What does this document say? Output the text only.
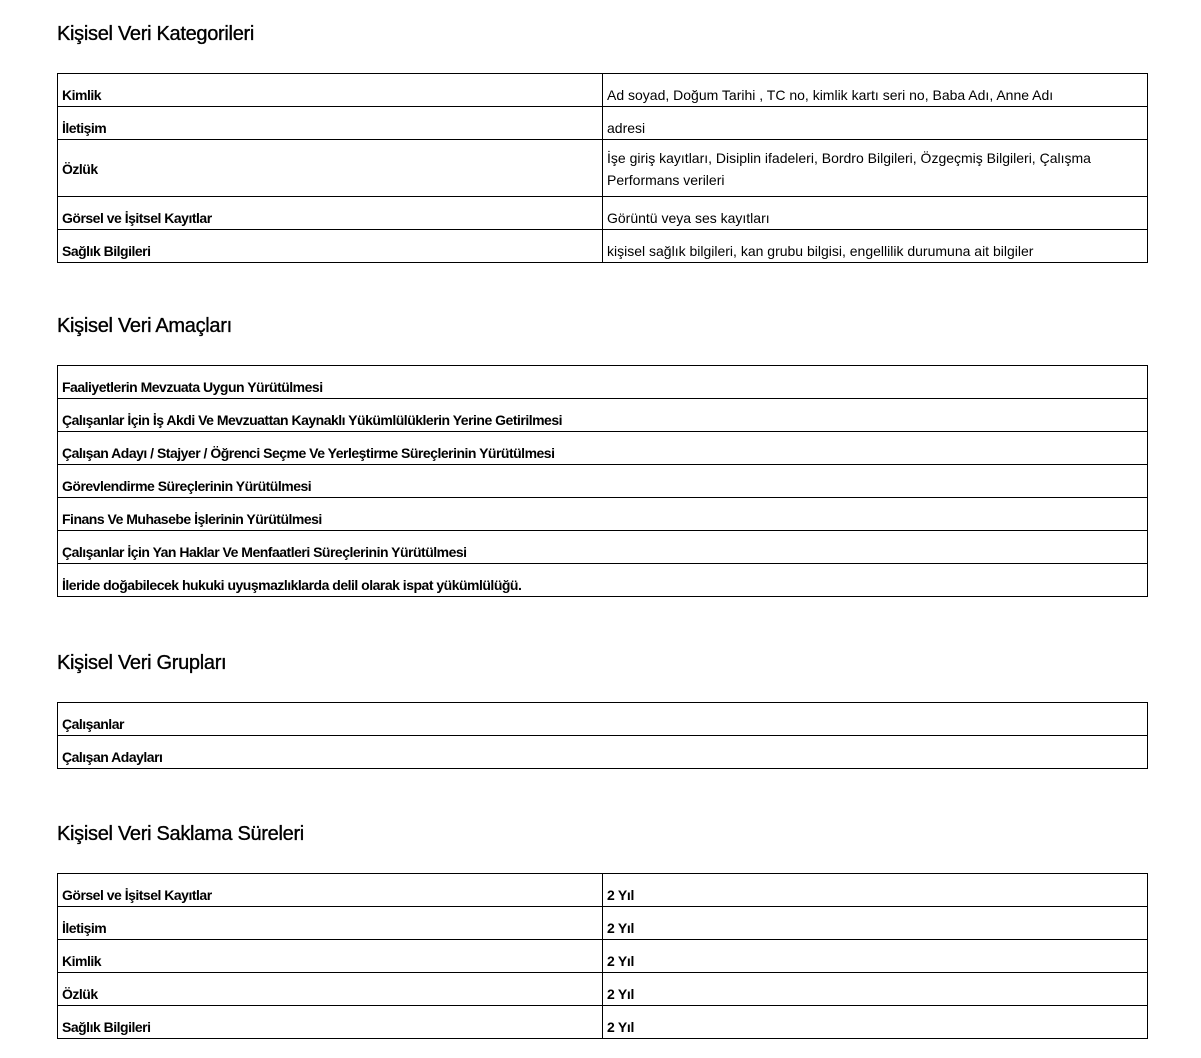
Kişisel Veri Kategorileri
Kimlik	Ad soyad, Doğum Tarihi , TC no, kimlik kartı seri no, Baba Adı, Anne Adı
İletişim	adresi
Özlük	İşe giriş kayıtları, Disiplin ifadeleri, Bordro Bilgileri, Özgeçmiş Bilgileri, Çalışma Performans verileri
Görsel ve İşitsel Kayıtlar	Görüntü veya ses kayıtları
Sağlık Bilgileri	kişisel sağlık bilgileri, kan grubu bilgisi, engellilik durumuna ait bilgiler
Kişisel Veri Amaçları
Faaliyetlerin Mevzuata Uygun Yürütülmesi
Çalışanlar İçin İş Akdi Ve Mevzuattan Kaynaklı Yükümlülüklerin Yerine Getirilmesi
Çalışan Adayı / Stajyer / Öğrenci Seçme Ve Yerleştirme Süreçlerinin Yürütülmesi
Görevlendirme Süreçlerinin Yürütülmesi
Finans Ve Muhasebe İşlerinin Yürütülmesi
Çalışanlar İçin Yan Haklar Ve Menfaatleri Süreçlerinin Yürütülmesi
İleride doğabilecek hukuki uyuşmazlıklarda delil olarak ispat yükümlülüğü.
Kişisel Veri Grupları
Çalışanlar
Çalışan Adayları
Kişisel Veri Saklama Süreleri
Görsel ve İşitsel Kayıtlar	2 Yıl
İletişim	2 Yıl
Kimlik	2 Yıl
Özlük	2 Yıl
Sağlık Bilgileri	2 Yıl
